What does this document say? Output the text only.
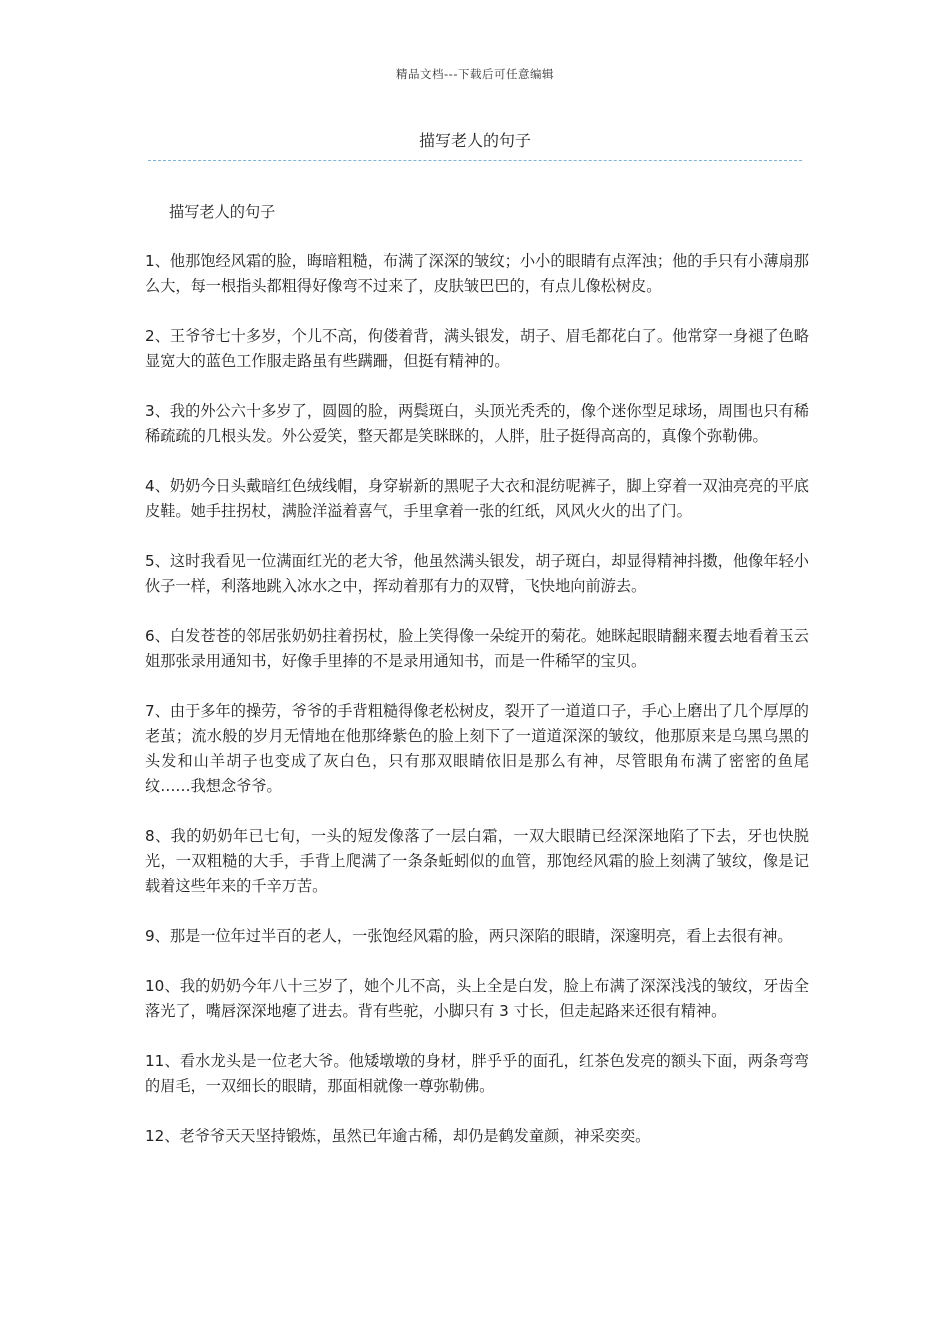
精品文档---下载后可任意编辑
描写老人的句子

描写老人的句子

1、他那饱经风霜的脸，晦暗粗糙，布满了深深的皱纹；小小的眼睛有点浑浊；他的手只有小薄扇那么大，每一根指头都粗得好像弯不过来了，皮肤皱巴巴的，有点儿像松树皮。

2、王爷爷七十多岁，个儿不高，佝偻着背，满头银发，胡子、眉毛都花白了。他常穿一身褪了色略显宽大的蓝色工作服走路虽有些蹒跚，但挺有精神的。

3、我的外公六十多岁了，圆圆的脸，两鬓斑白，头顶光秃秃的，像个迷你型足球场，周围也只有稀稀疏疏的几根头发。外公爱笑，整天都是笑眯眯的，人胖，肚子挺得高高的，真像个弥勒佛。

4、奶奶今日头戴暗红色绒线帽，身穿崭新的黑呢子大衣和混纺呢裤子，脚上穿着一双油亮亮的平底皮鞋。她手拄拐杖，满脸洋溢着喜气，手里拿着一张的红纸，风风火火的出了门。

5、这时我看见一位满面红光的老大爷，他虽然满头银发，胡子斑白，却显得精神抖擞，他像年轻小伙子一样，利落地跳入冰水之中，挥动着那有力的双臂，飞快地向前游去。

6、白发苍苍的邻居张奶奶拄着拐杖，脸上笑得像一朵绽开的菊花。她眯起眼睛翻来覆去地看着玉云姐那张录用通知书，好像手里捧的不是录用通知书，而是一件稀罕的宝贝。

7、由于多年的操劳，爷爷的手背粗糙得像老松树皮，裂开了一道道口子，手心上磨出了几个厚厚的老茧；流水般的岁月无情地在他那绛紫色的脸上刻下了一道道深深的皱纹，他那原来是乌黑乌黑的头发和山羊胡子也变成了灰白色，只有那双眼睛依旧是那么有神，尽管眼角布满了密密的鱼尾纹……我想念爷爷。

8、我的奶奶年已七旬，一头的短发像落了一层白霜，一双大眼睛已经深深地陷了下去，牙也快脱光，一双粗糙的大手，手背上爬满了一条条蚯蚓似的血管，那饱经风霜的脸上刻满了皱纹，像是记载着这些年来的千辛万苦。

9、那是一位年过半百的老人，一张饱经风霜的脸，两只深陷的眼睛，深邃明亮，看上去很有神。

10、我的奶奶今年八十三岁了，她个儿不高，头上全是白发，脸上布满了深深浅浅的皱纹，牙齿全落光了，嘴唇深深地瘪了进去。背有些驼，小脚只有 3 寸长，但走起路来还很有精神。

11、看水龙头是一位老大爷。他矮墩墩的身材，胖乎乎的面孔，红茶色发亮的额头下面，两条弯弯的眉毛，一双细长的眼睛，那面相就像一尊弥勒佛。

12、老爷爷天天坚持锻炼，虽然已年逾古稀，却仍是鹤发童颜，神采奕奕。
